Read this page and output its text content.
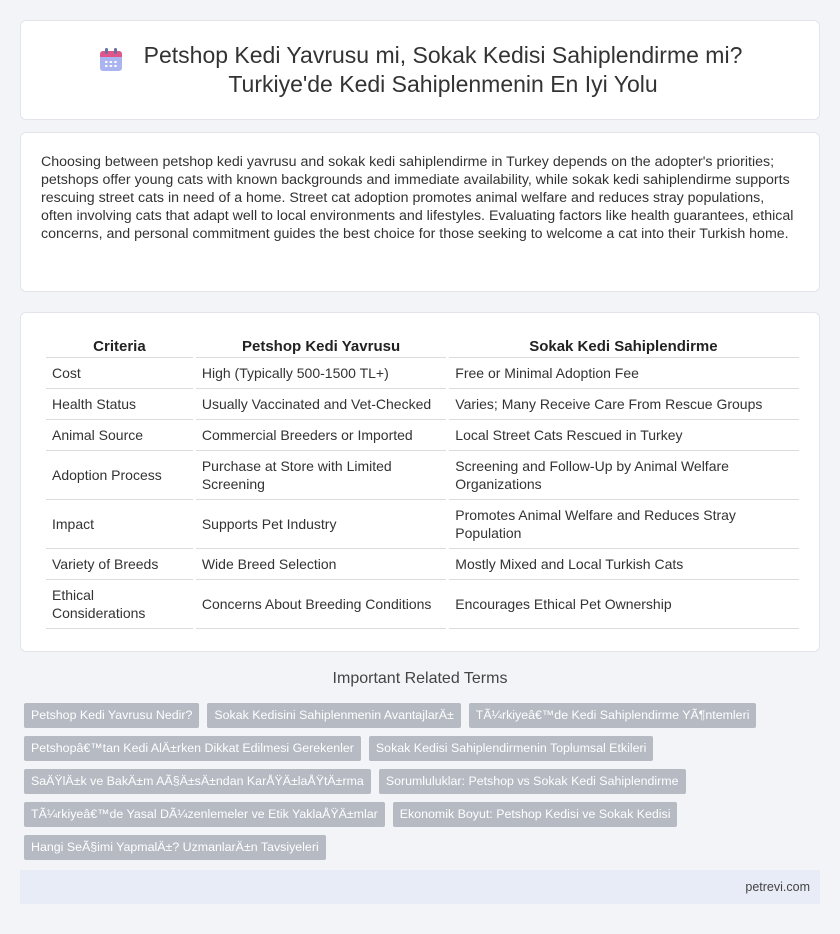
Petshop Kedi Yavrusu mi, Sokak Kedisi Sahiplendirme mi?
Turkiye'de Kedi Sahiplenmenin En Iyi Yolu

Choosing between petshop kedi yavrusu and sokak kedi sahiplendirme in Turkey depends on the adopter's priorities; petshops offer young cats with known backgrounds and immediate availability, while sokak kedi sahiplendirme supports rescuing street cats in need of a home. Street cat adoption promotes animal welfare and reduces stray populations, often involving cats that adapt well to local environments and lifestyles. Evaluating factors like health guarantees, ethical concerns, and personal commitment guides the best choice for those seeking to welcome a cat into their Turkish home.

Criteria	Petshop Kedi Yavrusu	Sokak Kedi Sahiplendirme
Cost	High (Typically 500-1500 TL+)	Free or Minimal Adoption Fee
Health Status	Usually Vaccinated and Vet-Checked	Varies; Many Receive Care From Rescue Groups
Animal Source	Commercial Breeders or Imported	Local Street Cats Rescued in Turkey
Adoption Process	Purchase at Store with Limited Screening	Screening and Follow-Up by Animal Welfare Organizations
Impact	Supports Pet Industry	Promotes Animal Welfare and Reduces Stray Population
Variety of Breeds	Wide Breed Selection	Mostly Mixed and Local Turkish Cats
Ethical Considerations	Concerns About Breeding Conditions	Encourages Ethical Pet Ownership
Important Related Terms
Petshop Kedi Yavrusu Nedir?	Sokak Kedisini Sahiplenmenin AvantajlarÄ±	TÃ¼rkiyeâ€™de Kedi Sahiplendirme YÃ¶ntemleri
Petshopâ€™tan Kedi AlÄ±rken Dikkat Edilmesi Gerekenler	Sokak Kedisi Sahiplendirmenin Toplumsal Etkileri
SaÄŸlÄ±k ve BakÄ±m AÃ§Ä±sÄ±ndan KarÅŸÄ±laÅŸtÄ±rma	Sorumluluklar: Petshop vs Sokak Kedi Sahiplendirme
TÃ¼rkiyeâ€™de Yasal DÃ¼zenlemeler ve Etik YaklaÅŸÄ±mlar	Ekonomik Boyut: Petshop Kedisi ve Sokak Kedisi
Hangi SeÃ§imi YapmalÄ±? UzmanlarÄ±n Tavsiyeleri
petrevi.com
